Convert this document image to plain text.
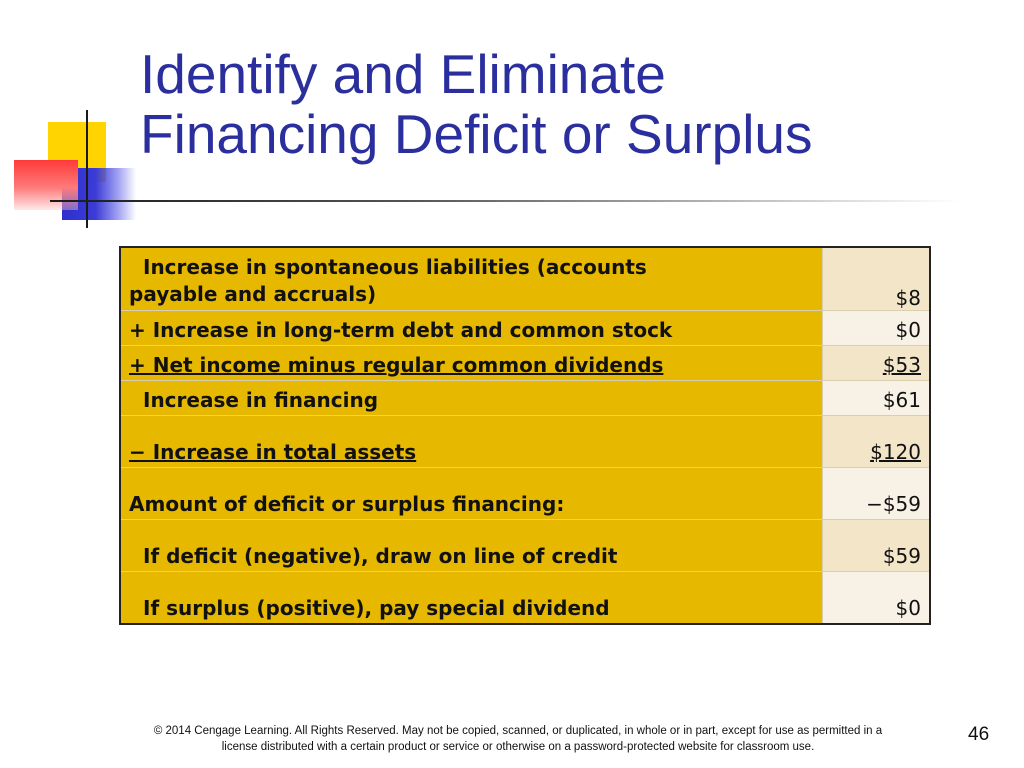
Identify and Eliminate
Financing Deficit or Surplus
Increase in spontaneous liabilities (accounts
payable and accruals)	$8
+ Increase in long-term debt and common stock	$0
+ Net income minus regular common dividends	$53
Increase in financing	$61
− Increase in total assets	$120
Amount of deficit or surplus financing:	−$59
If deficit (negative), draw on line of credit	$59
If surplus (positive), pay special dividend	$0
© 2014 Cengage Learning. All Rights Reserved. May not be copied, scanned, or duplicated, in whole or in part, except for use as permitted in a license distributed with a certain product or service or otherwise on a password-protected website for classroom use.
46
